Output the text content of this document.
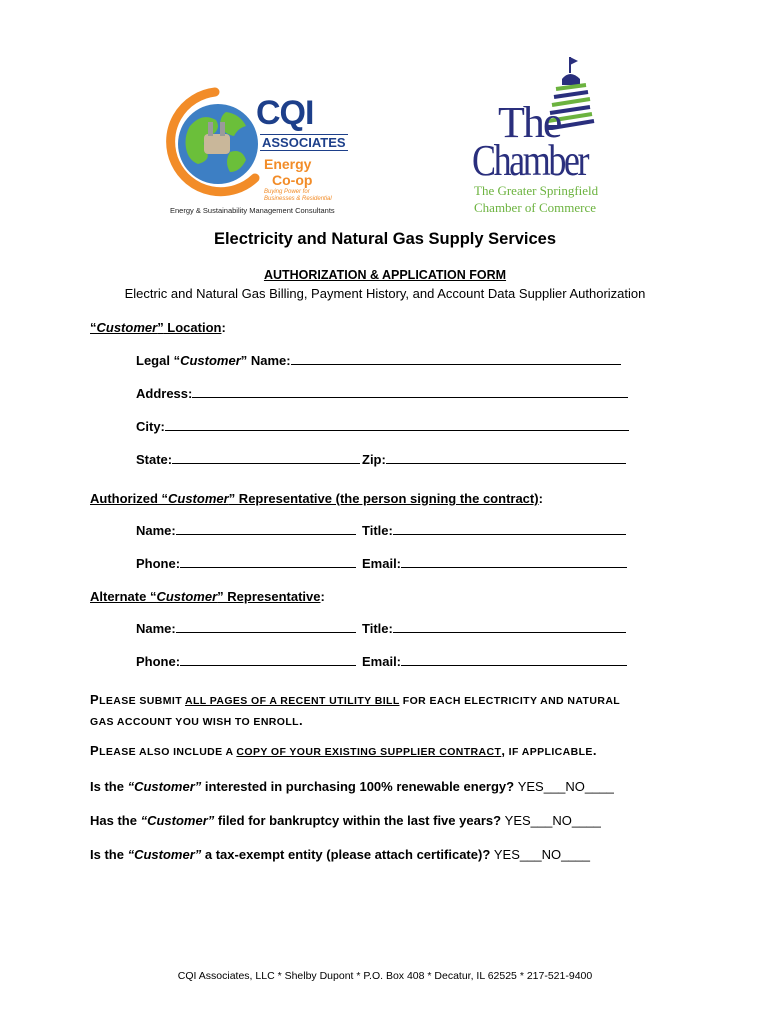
CQI
ASSOCIATES
Energy
Co-op
Buying Power for
Businesses & Residential
Energy & Sustainability Management Consultants
The
Chamber
The Greater Springfield
Chamber of Commerce
Electricity and Natural Gas Supply Services
AUTHORIZATION & APPLICATION FORM
Electric and Natural Gas Billing, Payment History, and Account Data Supplier Authorization
“Customer” Location:
Legal “Customer” Name:
Address:
City:
State:	Zip:
Authorized “Customer” Representative (the person signing the contract):
Name:	Title:
Phone:	Email:
Alternate “Customer” Representative:
Name:	Title:
Phone:	Email:
PLEASE SUBMIT ALL PAGES OF A RECENT UTILITY BILL FOR EACH ELECTRICITY AND NATURAL
GAS ACCOUNT YOU WISH TO ENROLL.
PLEASE ALSO INCLUDE A COPY OF YOUR EXISTING SUPPLIER CONTRACT, IF APPLICABLE.
Is the “Customer” interested in purchasing 100% renewable energy? YES___NO____
Has the “Customer” filed for bankruptcy within the last five years? YES___NO____
Is the “Customer” a tax-exempt entity (please attach certificate)? YES___NO____
CQI Associates, LLC * Shelby Dupont * P.O. Box 408 * Decatur, IL 62525 * 217-521-9400
